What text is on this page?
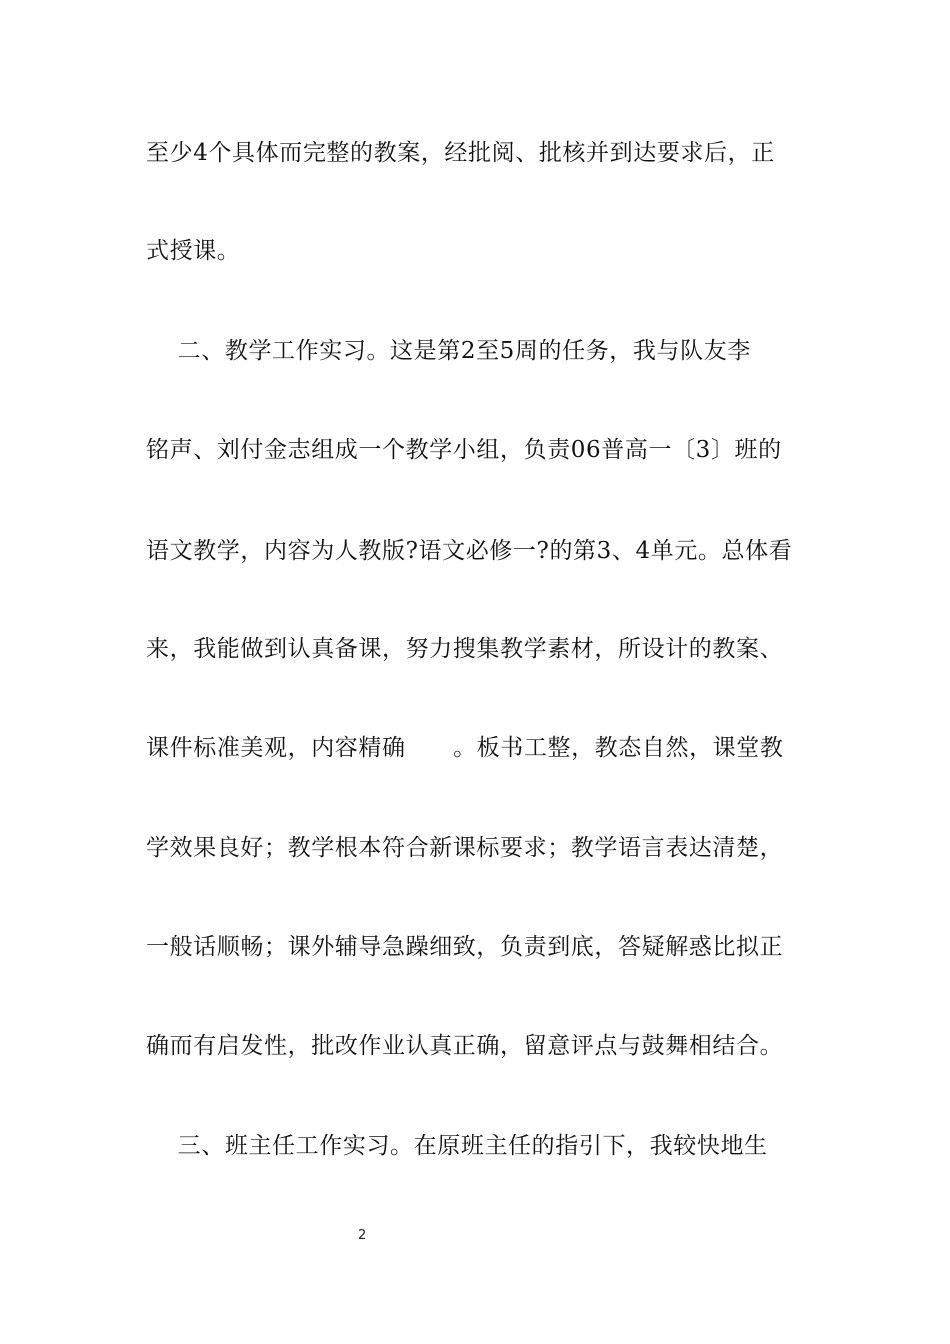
至少4个具体而完整的教案，经批阅、批核并到达要求后，正
式授课。
二、教学工作实习。这是第2至5周的任务，我与队友李
铭声、刘付金志组成一个教学小组，负责06普高一〔3〕班的
语文教学，内容为人教版?语文必修一?的第3、4单元。总体看
来，我能做到认真备课，努力搜集教学素材，所设计的教案、
课件标准美观，内容精确      。板书工整，教态自然，课堂教
学效果良好；教学根本符合新课标要求；教学语言表达清楚，
一般话顺畅；课外辅导急躁细致，负责到底，答疑解惑比拟正
确而有启发性，批改作业认真正确，留意评点与鼓舞相结合。
三、班主任工作实习。在原班主任的指引下，我较快地生
2
